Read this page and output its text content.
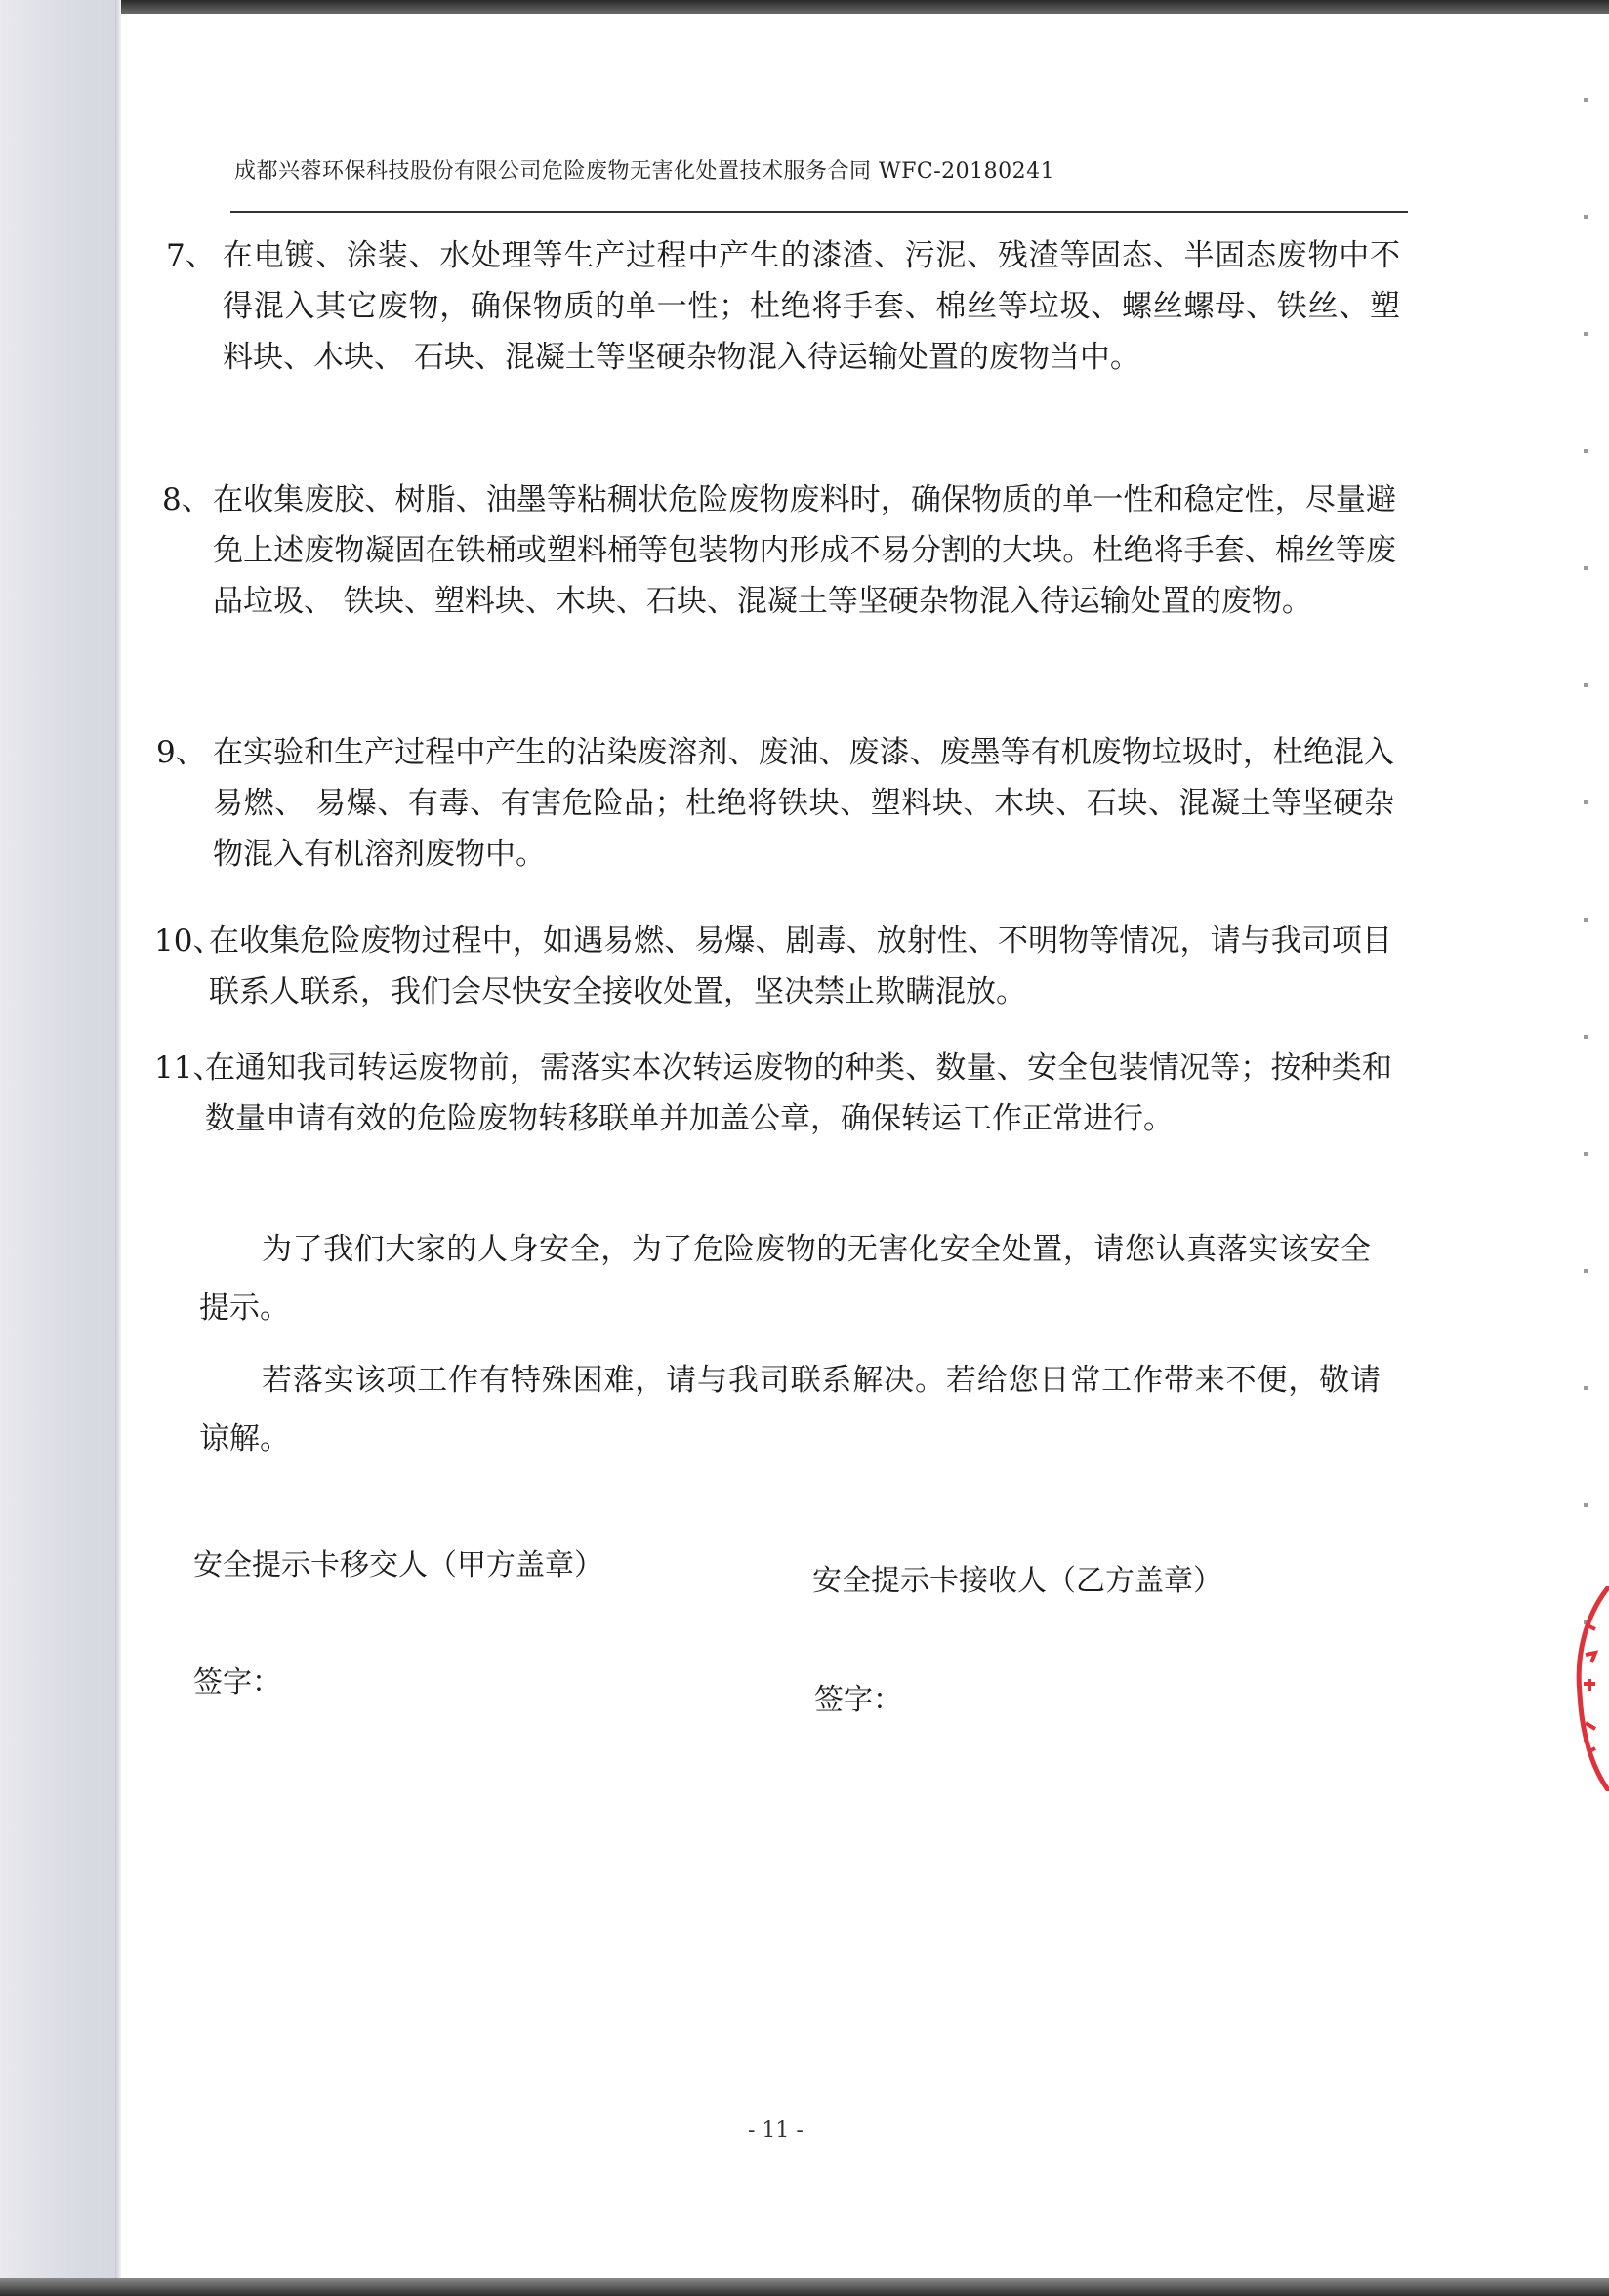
成都兴蓉环保科技股份有限公司危险废物无害化处置技术服务合同 WFC-20180241
7、 在电镀、涂装、水处理等生产过程中产生的漆渣、污泥、残渣等固态、半固态废物中不得混入其它废物，确保物质的单一性；杜绝将手套、棉丝等垃圾、螺丝螺母、铁丝、塑料块、木块、 石块、混凝土等坚硬杂物混入待运输处置的废物当中。
8、 在收集废胶、树脂、油墨等粘稠状危险废物废料时，确保物质的单一性和稳定性，尽量避免上述废物凝固在铁桶或塑料桶等包装物内形成不易分割的大块。杜绝将手套、棉丝等废品垃圾、 铁块、塑料块、木块、石块、混凝土等坚硬杂物混入待运输处置的废物。
9、 在实验和生产过程中产生的沾染废溶剂、废油、废漆、废墨等有机废物垃圾时，杜绝混入易燃、 易爆、有毒、有害危险品；杜绝将铁块、塑料块、木块、石块、混凝土等坚硬杂物混入有机溶剂废物中。
10、
在收集危险废物过程中，如遇易燃、易爆、剧毒、放射性、不明物等情况，请与我司项目联系人联系，我们会尽快安全接收处置，坚决禁止欺瞒混放。
11、
在通知我司转运废物前，需落实本次转运废物的种类、数量、安全包装情况等；按种类和数量申请有效的危险废物转移联单并加盖公章，确保转运工作正常进行。
为了我们大家的人身安全，为了危险废物的无害化安全处置，请您认真落实该安全提示。
若落实该项工作有特殊困难，请与我司联系解决。若给您日常工作带来不便，敬请谅解。
安全提示卡移交人（甲方盖章）	安全提示卡接收人（乙方盖章）
签字：
签字：
- 11 -
